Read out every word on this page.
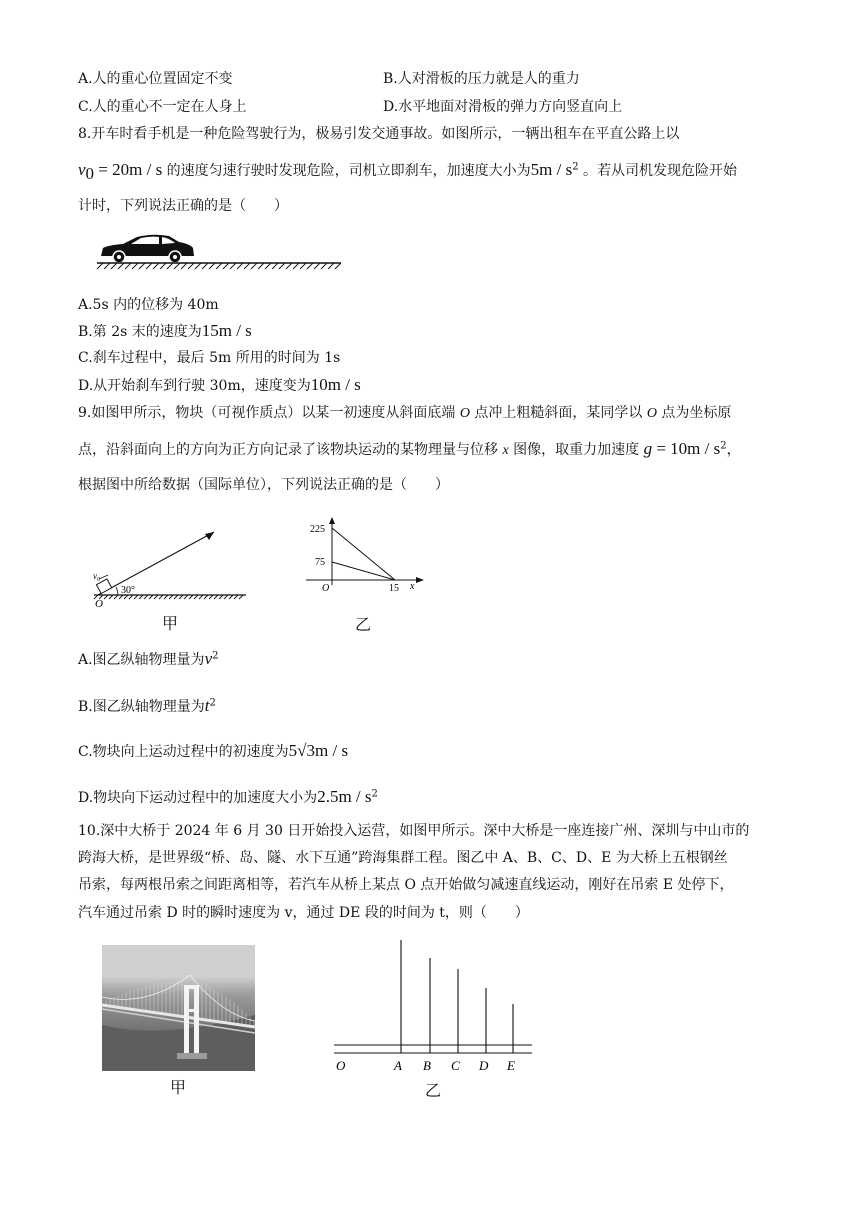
A.人的重心位置固定不变	B.人对滑板的压力就是人的重力
C.人的重心不一定在人身上	D.水平地面对滑板的弹力方向竖直向上
8.开车时看手机是一种危险驾驶行为，极易引发交通事故。如图所示，一辆出租车在平直公路上以
$v_0 = 20m / s$ 的速度匀速行驶时发现危险，司机立即刹车，加速度大小为$5m / s^2$ 。若从司机发现危险开始
计时，下列说法正确的是（　　）
A.5s 内的位移为 40m
B.第 2s 末的速度为15m / s
C.刹车过程中，最后 5m 所用的时间为 1s
D.从开始刹车到行驶 30m，速度变为10m / s
9.如图甲所示，物块（可视作质点）以某一初速度从斜面底端 O 点冲上粗糙斜面，某同学以 O 点为坐标原
点，沿斜面向上的方向为正方向记录了该物块运动的某物理量与位移 x 图像，取重力加速度 $g = 10m / s^2$，
根据图中所给数据（国际单位），下列说法正确的是（　　）
$v_0$
30°
O
甲
225
75
O	15 x
乙
A.图乙纵轴物理量为$v^2$
B.图乙纵轴物理量为$t^2$
C.物块向上运动过程中的初速度为5√3m / s
D.物块向下运动过程中的加速度大小为$2.5m / s^2$
10.深中大桥于 2024 年 6 月 30 日开始投入运营，如图甲所示。深中大桥是一座连接广州、深圳与中山市的
跨海大桥，是世界级“桥、岛、隧、水下互通”跨海集群工程。图乙中 A、B、C、D、E 为大桥上五根钢丝
吊索，每两根吊索之间距离相等，若汽车从桥上某点 O 点开始做匀减速直线运动，刚好在吊索 E 处停下，
汽车通过吊索 D 时的瞬时速度为 v，通过 DE 段的时间为 t，则（　　）
甲
O	A B C D E
乙
